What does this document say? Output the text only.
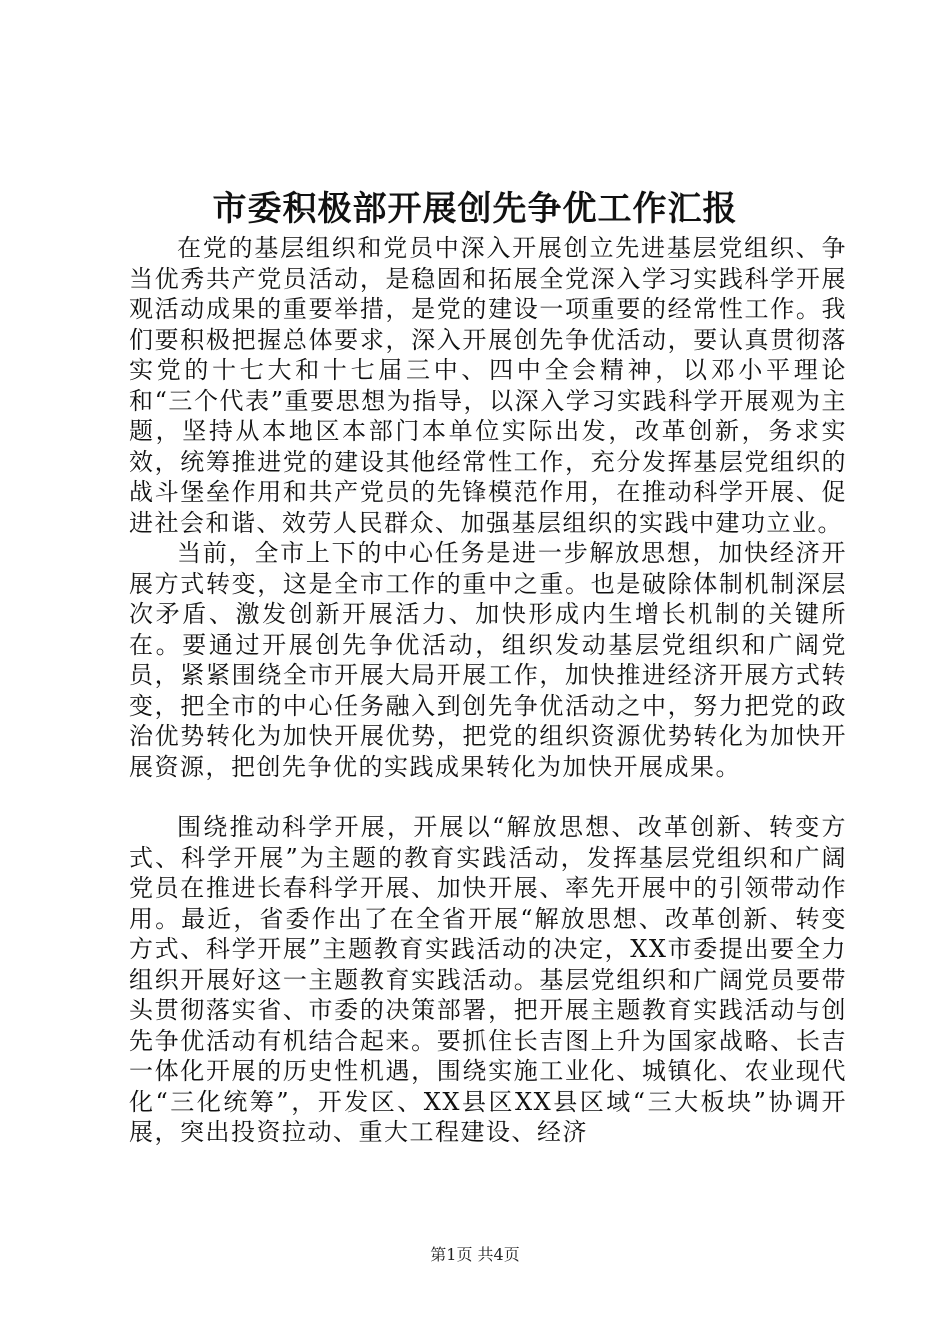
市委积极部开展创先争优工作汇报

在党的基层组织和党员中深入开展创立先进基层党组织、争当优秀共产党员活动，是稳固和拓展全党深入学习实践科学开展观活动成果的重要举措，是党的建设一项重要的经常性工作。我们要积极把握总体要求，深入开展创先争优活动，要认真贯彻落实党的十七大和十七届三中、四中全会精神，以邓小平理论和“三个代表”重要思想为指导，以深入学习实践科学开展观为主题，坚持从本地区本部门本单位实际出发，改革创新，务求实效，统筹推进党的建设其他经常性工作，充分发挥基层党组织的战斗堡垒作用和共产党员的先锋模范作用，在推动科学开展、促进社会和谐、效劳人民群众、加强基层组织的实践中建功立业。

当前，全市上下的中心任务是进一步解放思想，加快经济开展方式转变，这是全市工作的重中之重。也是破除体制机制深层次矛盾、激发创新开展活力、加快形成内生增长机制的关键所在。要通过开展创先争优活动，组织发动基层党组织和广阔党员，紧紧围绕全市开展大局开展工作，加快推进经济开展方式转变，把全市的中心任务融入到创先争优活动之中，努力把党的政治优势转化为加快开展优势，把党的组织资源优势转化为加快开展资源，把创先争优的实践成果转化为加快开展成果。

围绕推动科学开展，开展以“解放思想、改革创新、转变方式、科学开展”为主题的教育实践活动，发挥基层党组织和广阔党员在推进长春科学开展、加快开展、率先开展中的引领带动作用。最近，省委作出了在全省开展“解放思想、改革创新、转变方式、科学开展”主题教育实践活动的决定，XX市委提出要全力组织开展好这一主题教育实践活动。基层党组织和广阔党员要带头贯彻落实省、市委的决策部署，把开展主题教育实践活动与创先争优活动有机结合起来。要抓住长吉图上升为国家战略、长吉一体化开展的历史性机遇，围绕实施工业化、城镇化、农业现代化“三化统筹”，开发区、XX县区XX县区域“三大板块”协调开展，突出投资拉动、重大工程建设、经济

第1页 共4页
